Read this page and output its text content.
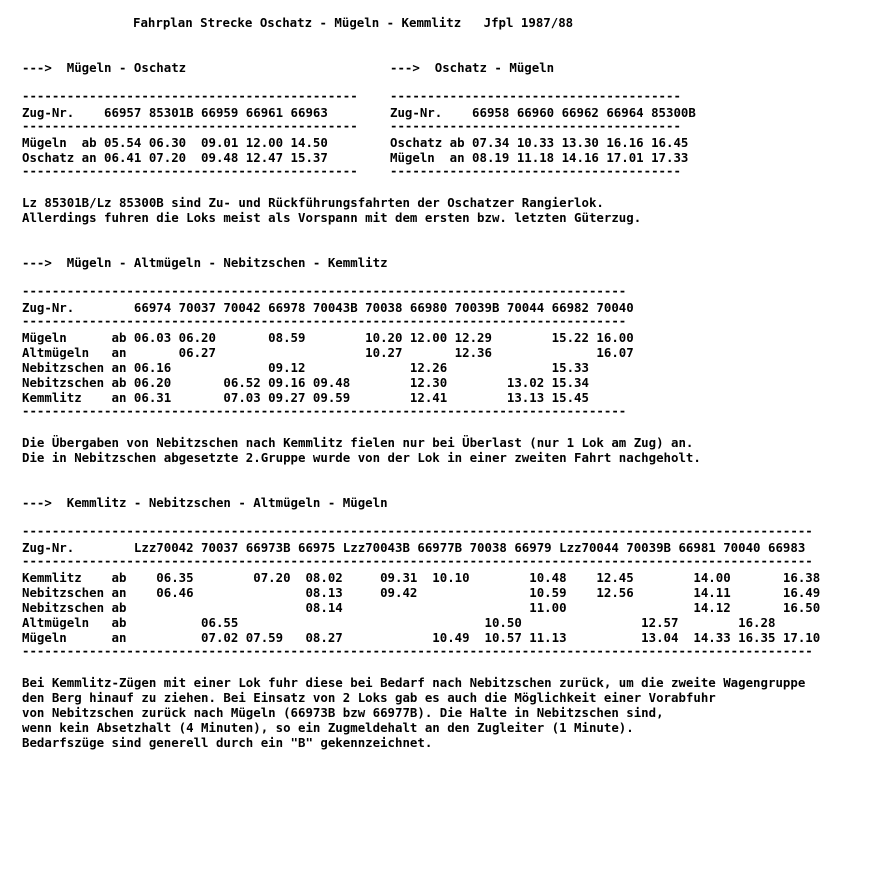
Fahrplan Strecke Oschatz - Mügeln - Kemmlitz   Jfpl 1987/88

--->  Mügeln - Oschatz

---------------------------------------------

Zug-Nr.    66957 85301B 66959 66961 66963

---------------------------------------------

Mügeln  ab 05.54 06.30  09.01 12.00 14.50

Oschatz an 06.41 07.20  09.48 12.47 15.37

---------------------------------------------

--->  Oschatz - Mügeln

---------------------------------------

Zug-Nr.    66958 66960 66962 66964 85300B

---------------------------------------

Oschatz ab 07.34 10.33 13.30 16.16 16.45

Mügeln  an 08.19 11.18 14.16 17.01 17.33

---------------------------------------

Lz 85301B/Lz 85300B sind Zu- und Rückführungsfahrten der Oschatzer Rangierlok.

Allerdings fuhren die Loks meist als Vorspann mit dem ersten bzw. letzten Güterzug.

--->  Mügeln - Altmügeln - Nebitzschen - Kemmlitz

---------------------------------------------------------------------------------

Zug-Nr.        66974 70037 70042 66978 70043B 70038 66980 70039B 70044 66982 70040

---------------------------------------------------------------------------------

Mügeln      ab 06.03 06.20       08.59        10.20 12.00 12.29        15.22 16.00

Altmügeln   an       06.27                    10.27       12.36              16.07

Nebitzschen an 06.16             09.12              12.26              15.33

Nebitzschen ab 06.20       06.52 09.16 09.48        12.30        13.02 15.34

Kemmlitz    an 06.31       07.03 09.27 09.59        12.41        13.13 15.45

---------------------------------------------------------------------------------

Die Übergaben von Nebitzschen nach Kemmlitz fielen nur bei Überlast (nur 1 Lok am Zug) an.

Die in Nebitzschen abgesetzte 2.Gruppe wurde von der Lok in einer zweiten Fahrt nachgeholt.

--->  Kemmlitz - Nebitzschen - Altmügeln - Mügeln

----------------------------------------------------------------------------------------------------------

Zug-Nr.        Lzz70042 70037 66973B 66975 Lzz70043B 66977B 70038 66979 Lzz70044 70039B 66981 70040 66983

----------------------------------------------------------------------------------------------------------

Kemmlitz    ab    06.35        07.20  08.02     09.31  10.10        10.48    12.45        14.00       16.38

Nebitzschen an    06.46               08.13     09.42               10.59    12.56        14.11       16.49

Nebitzschen ab                        08.14                         11.00                 14.12       16.50

Altmügeln   ab          06.55                                 10.50                12.57        16.28

Mügeln      an          07.02 07.59   08.27            10.49  10.57 11.13          13.04  14.33 16.35 17.10

----------------------------------------------------------------------------------------------------------

Bei Kemmlitz-Zügen mit einer Lok fuhr diese bei Bedarf nach Nebitzschen zurück, um die zweite Wagengruppe

den Berg hinauf zu ziehen. Bei Einsatz von 2 Loks gab es auch die Möglichkeit einer Vorabfuhr

von Nebitzschen zurück nach Mügeln (66973B bzw 66977B). Die Halte in Nebitzschen sind,

wenn kein Absetzhalt (4 Minuten), so ein Zugmeldehalt an den Zugleiter (1 Minute).

Bedarfszüge sind generell durch ein "B" gekennzeichnet.
